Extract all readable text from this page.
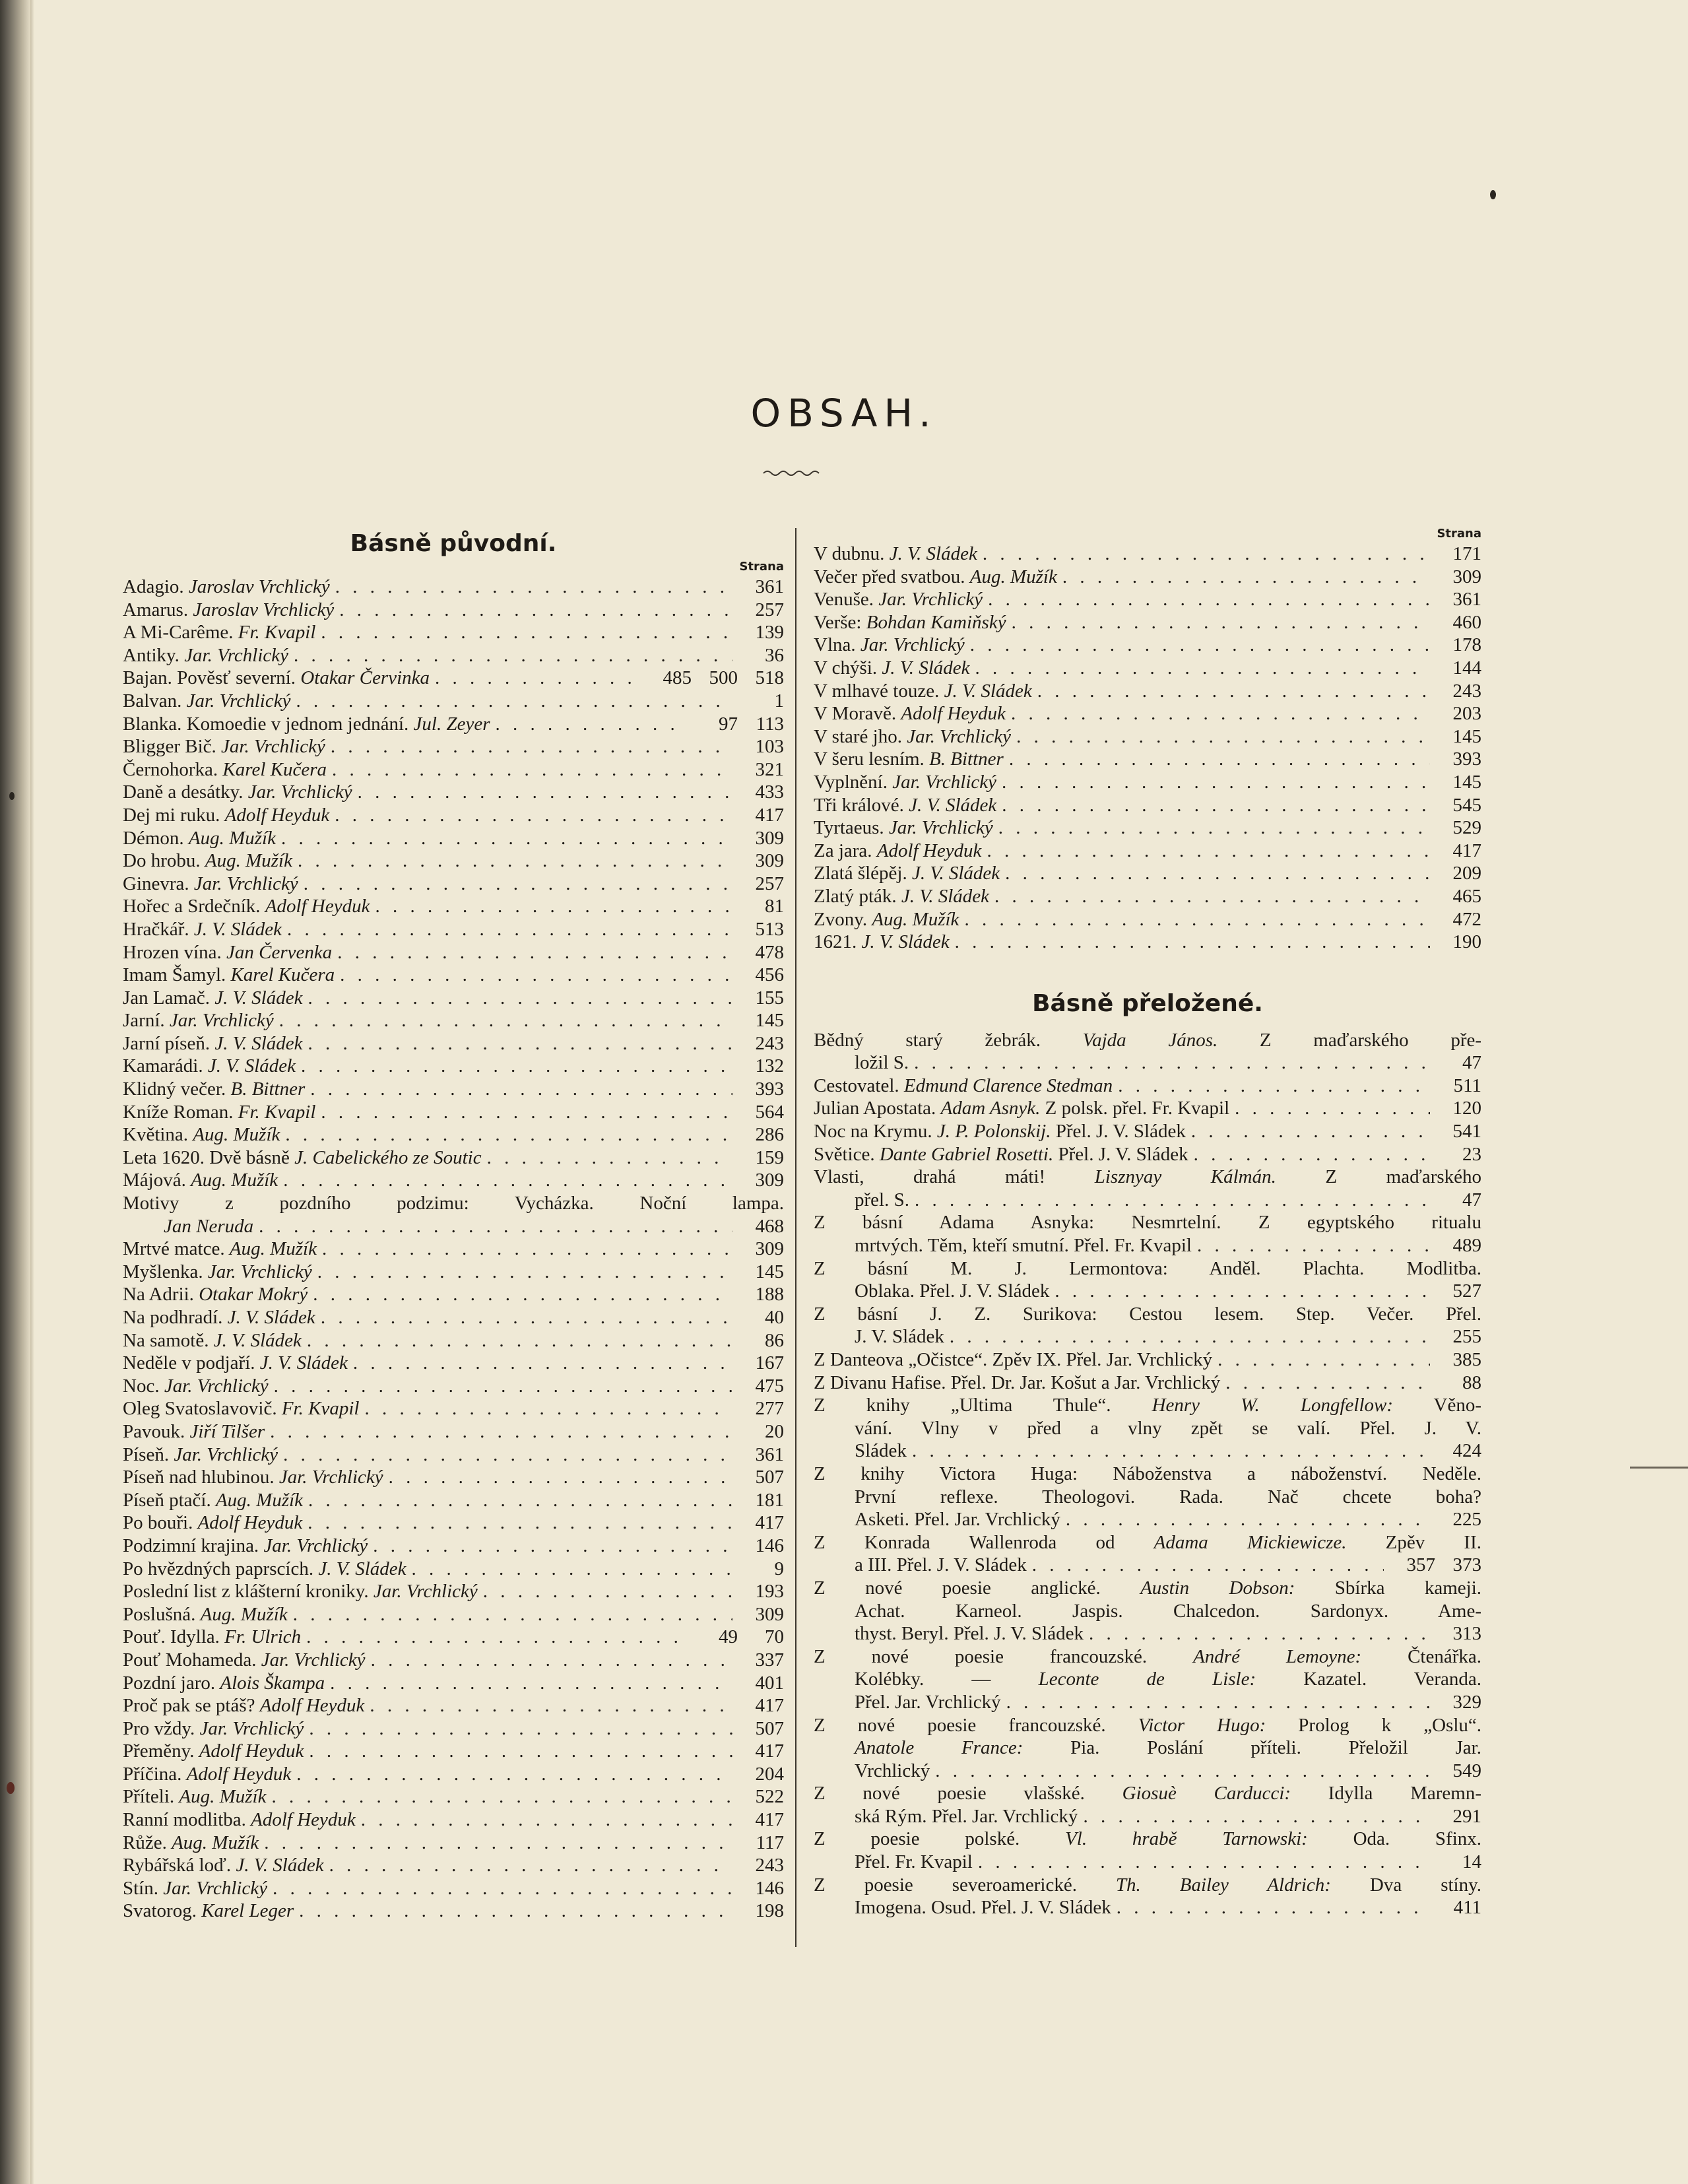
OBSAH.
Básně původní.
Strana
Adagio. Jaroslav Vrchlický . . .	361
Amarus. Jaroslav Vrchlický . . .	257
A Mi-Carême. Fr. Kvapil . . .	139
Antiky. Jar. Vrchlický . . .	36
Bajan. Pověsť severní. Otakar Červinka . . .	485 500 518
Balvan. Jar. Vrchlický . . .	1
Blanka. Komoedie v jednom jednání. Jul. Zeyer . . .	97 113
Bligger Bič. Jar. Vrchlický . . .	103
Černohorka. Karel Kučera . . .	321
Daně a desátky. Jar. Vrchlický . . .	433
Dej mi ruku. Adolf Heyduk . . .	417
Démon. Aug. Mužík . . .	309
Do hrobu. Aug. Mužík . . .	309
Ginevra. Jar. Vrchlický . . .	257
Hořec a Srdečník. Adolf Heyduk . . .	81
Hračkář. J. V. Sládek . . .	513
Hrozen vína. Jan Červenka . . .	478
Imam Šamyl. Karel Kučera . . .	456
Jan Lamač. J. V. Sládek . . .	155
Jarní. Jar. Vrchlický . . .	145
Jarní píseň. J. V. Sládek . . .	243
Kamarádi. J. V. Sládek . . .	132
Klidný večer. B. Bittner . . .	393
Kníže Roman. Fr. Kvapil . . .	564
Květina. Aug. Mužík . . .	286
Leta 1620. Dvě básně J. Cabelického ze Soutic . . .	159
Májová. Aug. Mužík . . .	309
Motivy z pozdního podzimu: Vycházka. Noční lampa.
Jan Neruda . . .	468
Mrtvé matce. Aug. Mužík . . .	309
Myšlenka. Jar. Vrchlický . . .	145
Na Adrii. Otakar Mokrý . . .	188
Na podhradí. J. V. Sládek . . .	40
Na samotě. J. V. Sládek . . .	86
Neděle v podjaří. J. V. Sládek . . .	167
Noc. Jar. Vrchlický . . .	475
Oleg Svatoslavovič. Fr. Kvapil . . .	277
Pavouk. Jiří Tilšer . . .	20
Píseň. Jar. Vrchlický . . .	361
Píseň nad hlubinou. Jar. Vrchlický . . .	507
Píseň ptačí. Aug. Mužík . . .	181
Po bouři. Adolf Heyduk . . .	417
Podzimní krajina. Jar. Vrchlický . . .	146
Po hvězdných paprscích. J. V. Sládek . . .	9
Poslední list z klášterní kroniky. Jar. Vrchlický . . .	193
Poslušná. Aug. Mužík . . .	309
Pouť. Idylla. Fr. Ulrich . . .	49	70
Pouť Mohameda. Jar. Vrchlický . . .	337
Pozdní jaro. Alois Škampa . . .	401
Proč pak se ptáš? Adolf Heyduk . . .	417
Pro vždy. Jar. Vrchlický . . .	507
Přeměny. Adolf Heyduk . . .	417
Příčina. Adolf Heyduk . . .	204
Příteli. Aug. Mužík . . .	522
Ranní modlitba. Adolf Heyduk . . .	417
Růže. Aug. Mužík . . .	117
Rybářská loď. J. V. Sládek . . .	243
Stín. Jar. Vrchlický . . .	146
Svatorog. Karel Leger . . .	198
Strana
V dubnu. J. V. Sládek . . .	171
Večer před svatbou. Aug. Mužík . . .	309
Venuše. Jar. Vrchlický . . .	361
Verše: Bohdan Kamiňský . . .	460
Vlna. Jar. Vrchlický . . .	178
V chýši. J. V. Sládek . . .	144
V mlhavé touze. J. V. Sládek . . .	243
V Moravě. Adolf Heyduk . . .	203
V staré jho. Jar. Vrchlický . . .	145
V šeru lesním. B. Bittner . . .	393
Vyplnění. Jar. Vrchlický . . .	145
Tři králové. J. V. Sládek . . .	545
Tyrtaeus. Jar. Vrchlický . . .	529
Za jara. Adolf Heyduk . . .	417
Zlatá šlépěj. J. V. Sládek . . .	209
Zlatý pták. J. V. Sládek . . .	465
Zvony. Aug. Mužík . . .	472
1621. J. V. Sládek . . .	190
Básně přeložené.
Bědný starý žebrák. Vajda János. Z maďarského pře-
ložil S. . . .	47
Cestovatel. Edmund Clarence Stedman . . .	511
Julian Apostata. Adam Asnyk. Z polsk. přel. Fr. Kvapil . . .	120
Noc na Krymu. J. P. Polonskij. Přel. J. V. Sládek . . .	541
Světice. Dante Gabriel Rosetti. Přel. J. V. Sládek . . .	23
Vlasti, drahá máti! Lisznyay Kálmán. Z maďarského
přel. S. . . .	47
Z básní Adama Asnyka: Nesmrtelní. Z egyptského ritualu
mrtvých. Těm, kteří smutní. Přel. Fr. Kvapil . . .	489
Z básní M. J. Lermontova: Anděl. Plachta. Modlitba.
Oblaka. Přel. J. V. Sládek . . .	527
Z básní J. Z. Surikova: Cestou lesem. Step. Večer. Přel.
J. V. Sládek . . .	255
Z Danteova „Očistce“. Zpěv IX. Přel. Jar. Vrchlický . . .	385
Z Divanu Hafise. Přel. Dr. Jar. Košut a Jar. Vrchlický . . .	88
Z knihy „Ultima Thule“. Henry W. Longfellow: Věno-
vání. Vlny v před a vlny zpět se valí. Přel. J. V.
Sládek . . .	424
Z knihy Victora Huga: Náboženstva a náboženství. Neděle.
První reflexe. Theologovi. Rada. Nač chcete boha?
Asketi. Přel. Jar. Vrchlický . . .	225
Z Konrada Wallenroda od Adama Mickiewicze. Zpěv II.
a III. Přel. J. V. Sládek . . .	357 373
Z nové poesie anglické. Austin Dobson: Sbírka kameji.
Achat. Karneol. Jaspis. Chalcedon. Sardonyx. Ame-
thyst. Beryl. Přel. J. V. Sládek . . .	313
Z nové poesie francouzské. André Lemoyne: Čtenářka.
Kolébky. — Leconte de Lisle: Kazatel. Veranda.
Přel. Jar. Vrchlický . . .	329
Z nové poesie francouzské. Victor Hugo: Prolog k „Oslu“.
Anatole France: Pia. Poslání příteli. Přeložil Jar.
Vrchlický . . .	549
Z nové poesie vlašské. Giosuè Carducci: Idylla Maremn-
ská Rým. Přel. Jar. Vrchlický . . .	291
Z poesie polské. Vl. hrabě Tarnowski: Oda. Sfinx.
Přel. Fr. Kvapil . . .	14
Z poesie severoamerické. Th. Bailey Aldrich: Dva stíny.
Imogena. Osud. Přel. J. V. Sládek . . .	411
